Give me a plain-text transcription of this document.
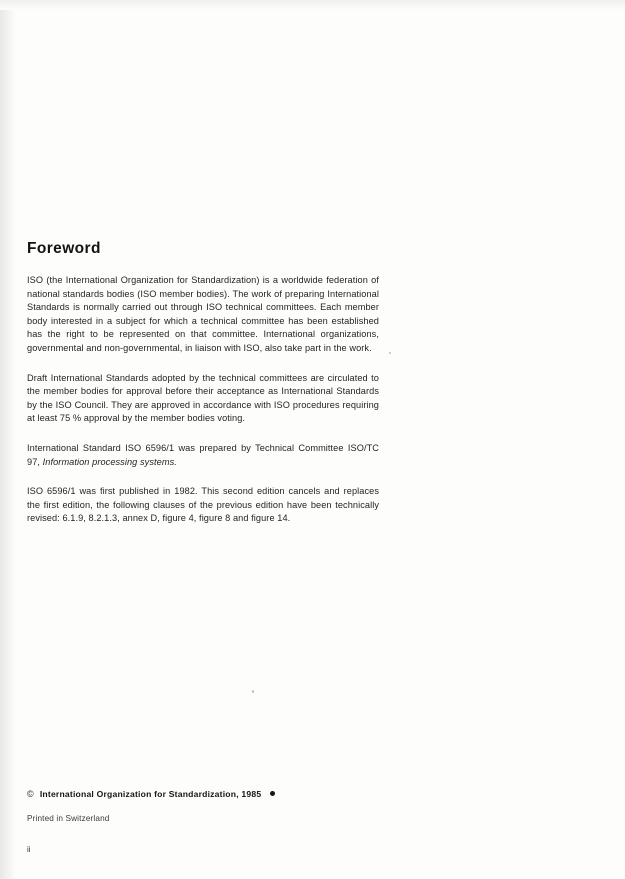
Foreword

ISO (the International Organization for Standardization) is a worldwide federation of national standards bodies (ISO member bodies). The work of preparing International Standards is normally carried out through ISO technical committees. Each member body interested in a subject for which a technical committee has been established has the right to be represented on that committee. International organizations, governmental and non-governmental, in liaison with ISO, also take part in the work.

Draft International Standards adopted by the technical committees are circulated to the member bodies for approval before their acceptance as International Standards by the ISO Council. They are approved in accordance with ISO procedures requiring at least 75 % approval by the member bodies voting.

International Standard ISO 6596/1 was prepared by Technical Committee ISO/TC 97, Information processing systems.

ISO 6596/1 was first published in 1982. This second edition cancels and replaces the first edition, the following clauses of the previous edition have been technically revised: 6.1.9, 8.2.1.3, annex D, figure 4, figure 8 and figure 14.

© International Organization for Standardization, 1985
Printed in Switzerland
ii
